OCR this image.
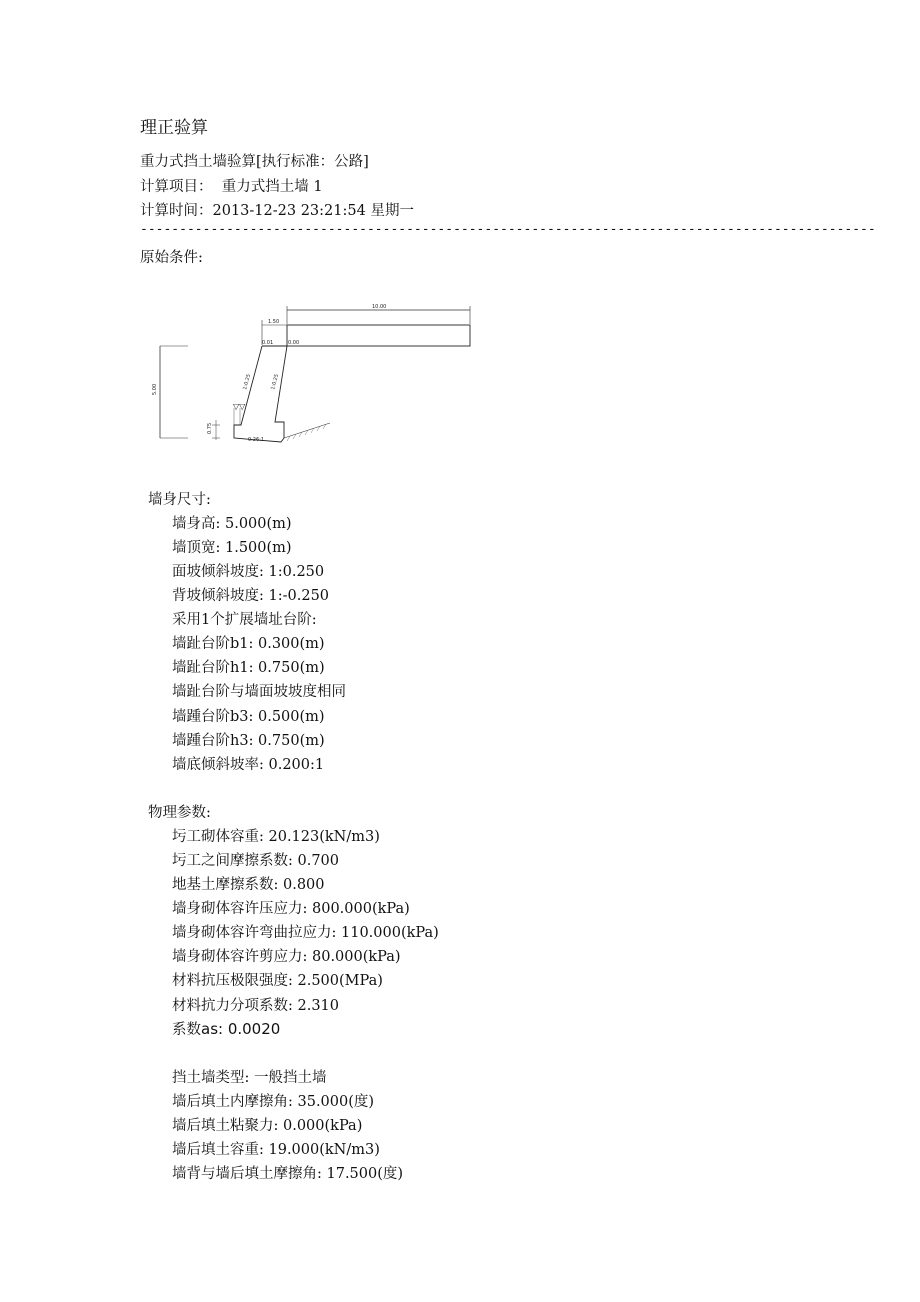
理正验算
重力式挡土墙验算[执行标准：公路]
计算项目：  重力式挡土墙 1
计算时间：2013-12-23 23:21:54 星期一
----------------------------------------------------------------------------------------------
原始条件:
10.00
1.50
0.01	0.00
5.00	1:0.25	1:0.25
0.75
▽▽
0.26:1
墙身尺寸:
墙身高: 5.000(m)
墙顶宽: 1.500(m)
面坡倾斜坡度: 1:0.250
背坡倾斜坡度: 1:-0.250
采用1个扩展墙址台阶:
墙趾台阶b1: 0.300(m)
墙趾台阶h1: 0.750(m)
墙趾台阶与墙面坡坡度相同
墙踵台阶b3: 0.500(m)
墙踵台阶h3: 0.750(m)
墙底倾斜坡率: 0.200:1
物理参数:
圬工砌体容重: 20.123(kN/m3)
圬工之间摩擦系数: 0.700
地基土摩擦系数: 0.800
墙身砌体容许压应力: 800.000(kPa)
墙身砌体容许弯曲拉应力: 110.000(kPa)
墙身砌体容许剪应力: 80.000(kPa)
材料抗压极限强度: 2.500(MPa)
材料抗力分项系数: 2.310
系数as: 0.0020
挡土墙类型: 一般挡土墙
墙后填土内摩擦角: 35.000(度)
墙后填土粘聚力: 0.000(kPa)
墙后填土容重: 19.000(kN/m3)
墙背与墙后填土摩擦角: 17.500(度)
